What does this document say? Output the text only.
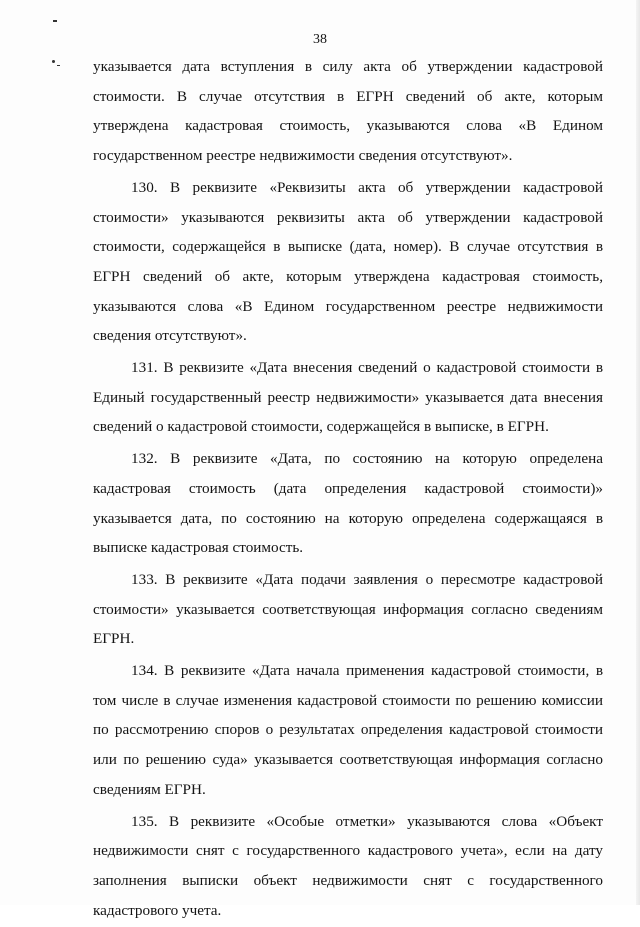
38

указывается дата вступления в силу акта об утверждении кадастровой стоимости. В случае отсутствия в ЕГРН сведений об акте, которым утверждена кадастровая стоимость, указываются слова «В Едином государственном реестре недвижимости сведения отсутствуют».

130. В реквизите «Реквизиты акта об утверждении кадастровой стоимости» указываются реквизиты акта об утверждении кадастровой стоимости, содержащейся в выписке (дата, номер). В случае отсутствия в ЕГРН сведений об акте, которым утверждена кадастровая стоимость, указываются слова «В Едином государственном реестре недвижимости сведения отсутствуют».

131. В реквизите «Дата внесения сведений о кадастровой стоимости в Единый государственный реестр недвижимости» указывается дата внесения сведений о кадастровой стоимости, содержащейся в выписке, в ЕГРН.

132. В реквизите «Дата, по состоянию на которую определена кадастровая стоимость (дата определения кадастровой стоимости)» указывается дата, по состоянию на которую определена содержащаяся в выписке кадастровая стоимость.

133. В реквизите «Дата подачи заявления о пересмотре кадастровой стоимости» указывается соответствующая информация согласно сведениям ЕГРН.

134. В реквизите «Дата начала применения кадастровой стоимости, в том числе в случае изменения кадастровой стоимости по решению комиссии по рассмотрению споров о результатах определения кадастровой стоимости или по решению суда» указывается соответствующая информация согласно сведениям ЕГРН.

135. В реквизите «Особые отметки» указываются слова «Объект недвижимости снят с государственного кадастрового учета», если на дату заполнения выписки объект недвижимости снят с государственного кадастрового учета.
